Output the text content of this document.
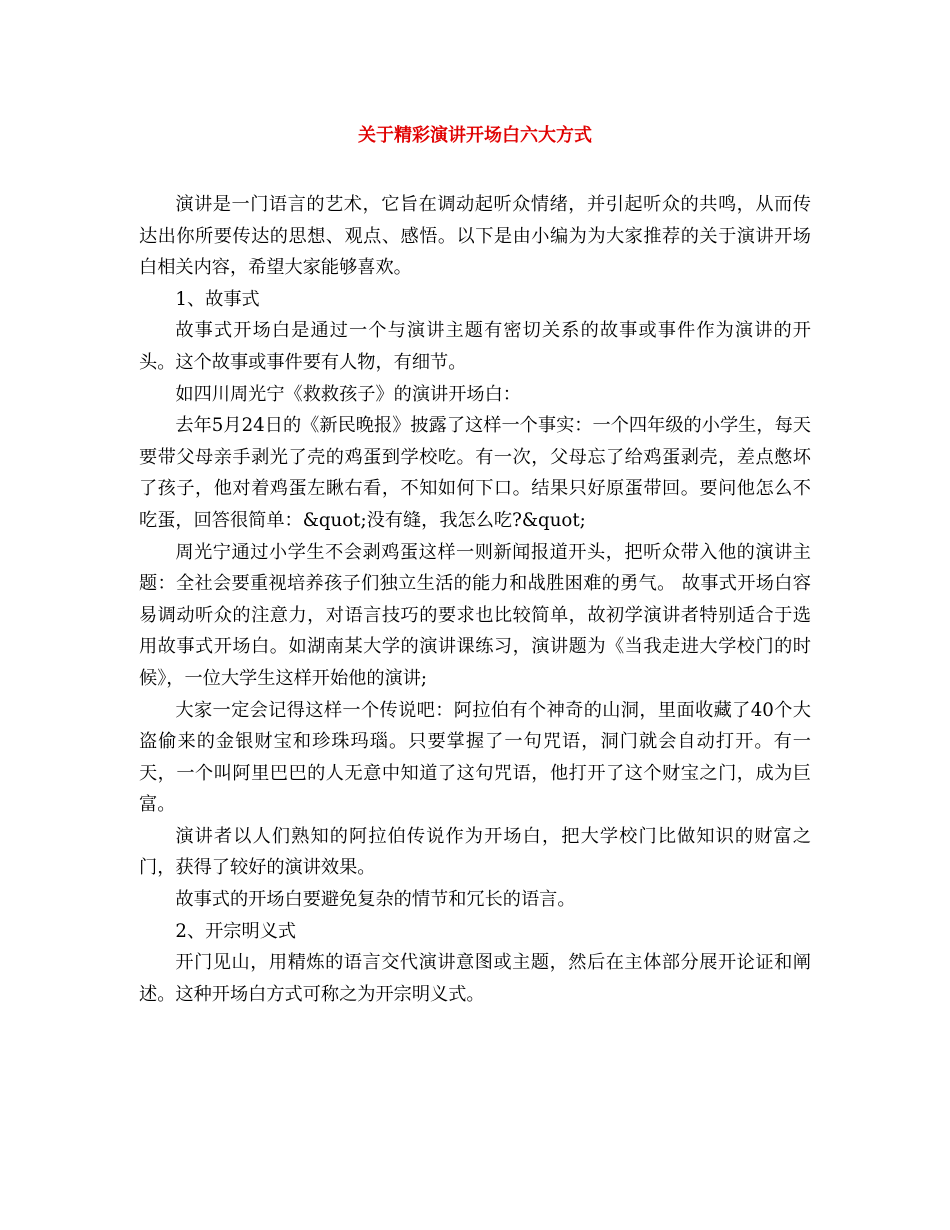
关于精彩演讲开场白六大方式

演讲是一门语言的艺术，它旨在调动起听众情绪，并引起听众的共鸣，从而传达出你所要传达的思想、观点、感悟。以下是由小编为为大家推荐的关于演讲开场白相关内容，希望大家能够喜欢。

1、故事式

故事式开场白是通过一个与演讲主题有密切关系的故事或事件作为演讲的开头。这个故事或事件要有人物，有细节。

如四川周光宁《救救孩子》的演讲开场白：

去年5月24日的《新民晚报》披露了这样一个事实：一个四年级的小学生，每天要带父母亲手剥光了壳的鸡蛋到学校吃。有一次，父母忘了给鸡蛋剥壳，差点憋坏了孩子，他对着鸡蛋左瞅右看，不知如何下口。结果只好原蛋带回。要问他怎么不吃蛋，回答很简单：&quot;没有缝，我怎么吃?&quot;

周光宁通过小学生不会剥鸡蛋这样一则新闻报道开头，把听众带入他的演讲主题：全社会要重视培养孩子们独立生活的能力和战胜困难的勇气。 故事式开场白容易调动听众的注意力，对语言技巧的要求也比较简单，故初学演讲者特别适合于选用故事式开场白。如湖南某大学的演讲课练习，演讲题为《当我走进大学校门的时候》，一位大学生这样开始他的演讲;

大家一定会记得这样一个传说吧：阿拉伯有个神奇的山洞，里面收藏了40个大盗偷来的金银财宝和珍珠玛瑙。只要掌握了一句咒语，洞门就会自动打开。有一天，一个叫阿里巴巴的人无意中知道了这句咒语，他打开了这个财宝之门，成为巨富。

演讲者以人们熟知的阿拉伯传说作为开场白，把大学校门比做知识的财富之门，获得了较好的演讲效果。

故事式的开场白要避免复杂的情节和冗长的语言。

2、开宗明义式

开门见山，用精炼的语言交代演讲意图或主题，然后在主体部分展开论证和阐述。这种开场白方式可称之为开宗明义式。
